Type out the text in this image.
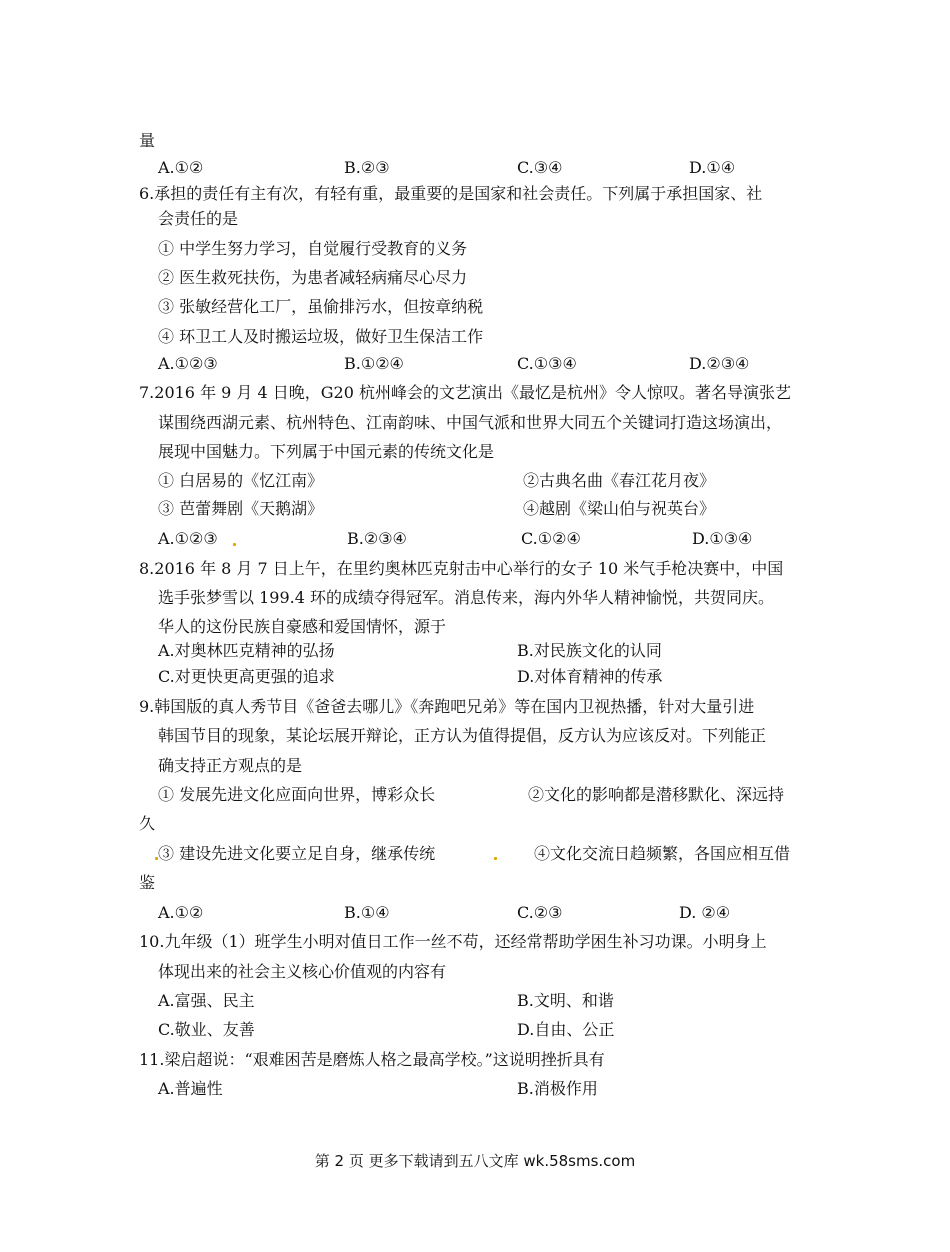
量
A.①②	B.②③	C.③④	D.①④
6.承担的责任有主有次，有轻有重，最重要的是国家和社会责任。下列属于承担国家、社
会责任的是
① 中学生努力学习，自觉履行受教育的义务
② 医生救死扶伤，为患者减轻病痛尽心尽力
③ 张敏经营化工厂，虽偷排污水，但按章纳税
④ 环卫工人及时搬运垃圾，做好卫生保洁工作
A.①②③	B.①②④	C.①③④	D.②③④
7.2016 年 9 月 4 日晚，G20 杭州峰会的文艺演出《最忆是杭州》令人惊叹。著名导演张艺
谋围绕西湖元素、杭州特色、江南韵味、中国气派和世界大同五个关键词打造这场演出，
展现中国魅力。下列属于中国元素的传统文化是
① 白居易的《忆江南》	②古典名曲《春江花月夜》
③ 芭蕾舞剧《天鹅湖》	④越剧《梁山伯与祝英台》
A.①②③	B.②③④	C.①②④	D.①③④
8.2016 年 8 月 7 日上午，在里约奥林匹克射击中心举行的女子 10 米气手枪决赛中，中国
选手张梦雪以 199.4 环的成绩夺得冠军。消息传来，海内外华人精神愉悦，共贺同庆。
华人的这份民族自豪感和爱国情怀，源于
A.对奥林匹克精神的弘扬	B.对民族文化的认同
C.对更快更高更强的追求	D.对体育精神的传承
9.韩国版的真人秀节目《爸爸去哪儿》《奔跑吧兄弟》等在国内卫视热播，针对大量引进
韩国节目的现象，某论坛展开辩论，正方认为值得提倡，反方认为应该反对。下列能正
确支持正方观点的是
① 发展先进文化应面向世界，博彩众长	②文化的影响都是潜移默化、深远持
久
③ 建设先进文化要立足自身，继承传统	④文化交流日趋频繁，各国应相互借
鉴
A.①②	B.①④	C.②③	D. ②④
10.九年级（1）班学生小明对值日工作一丝不苟，还经常帮助学困生补习功课。小明身上
体现出来的社会主义核心价值观的内容有
A.富强、民主	B.文明、和谐
C.敬业、友善	D.自由、公正
11.梁启超说：“艰难困苦是磨炼人格之最高学校。”这说明挫折具有
A.普遍性	B.消极作用
第 2 页 更多下载请到五八文库 wk.58sms.com
